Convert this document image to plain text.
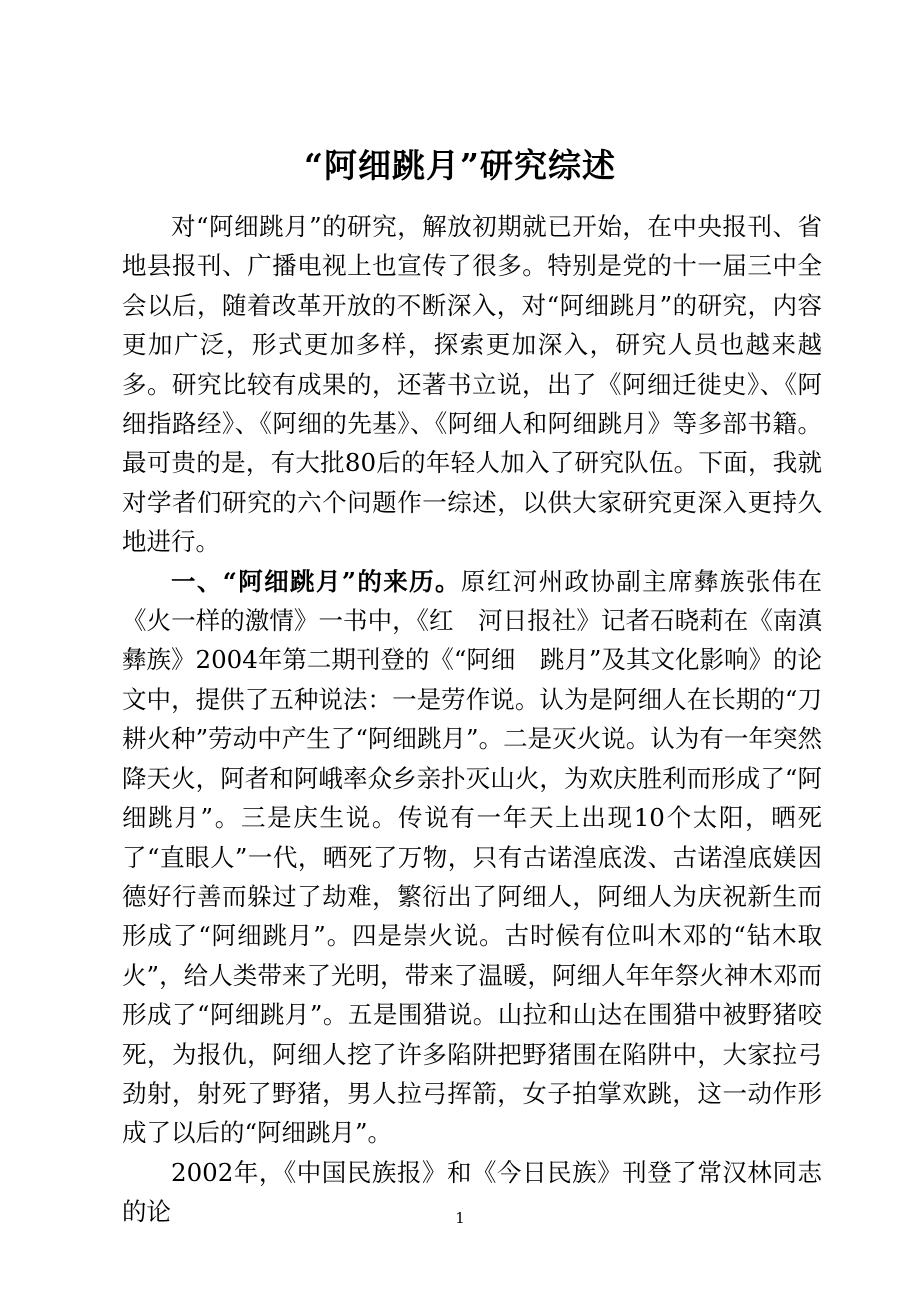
“阿细跳月”研究综述

对“阿细跳月”的研究，解放初期就已开始，在中央报刊、省地县报刊、广播电视上也宣传了很多。特别是党的十一届三中全会以后，随着改革开放的不断深入，对“阿细跳月”的研究，内容更加广泛，形式更加多样，探索更加深入，研究人员也越来越多。研究比较有成果的，还著书立说，出了《阿细迁徙史》、《阿细指路经》、《阿细的先基》、《阿细人和阿细跳月》等多部书籍。最可贵的是，有大批80后的年轻人加入了研究队伍。下面，我就对学者们研究的六个问题作一综述，以供大家研究更深入更持久地进行。

一、“阿细跳月”的来历。原红河州政协副主席彝族张伟在《火一样的激情》一书中，《红　河日报社》记者石晓莉在《南滇彝族》2004年第二期刊登的《“阿细　跳月”及其文化影响》的论文中，提供了五种说法：一是劳作说。认为是阿细人在长期的“刀耕火种”劳动中产生了“阿细跳月”。二是灭火说。认为有一年突然降天火，阿者和阿峨率众乡亲扑灭山火，为欢庆胜利而形成了“阿细跳月”。三是庆生说。传说有一年天上出现10个太阳，晒死了“直眼人”一代，晒死了万物，只有古诺湟底泼、古诺湟底媄因德好行善而躲过了劫难，繁衍出了阿细人，阿细人为庆祝新生而形成了“阿细跳月”。四是崇火说。古时候有位叫木邓的“钻木取火”，给人类带来了光明，带来了温暖，阿细人年年祭火神木邓而形成了“阿细跳月”。五是围猎说。山拉和山达在围猎中被野猪咬死，为报仇，阿细人挖了许多陷阱把野猪围在陷阱中，大家拉弓劲射，射死了野猪，男人拉弓挥箭，女子拍掌欢跳，这一动作形成了以后的“阿细跳月”。

2002年，《中国民族报》和《今日民族》刊登了常汉林同志的论	1
